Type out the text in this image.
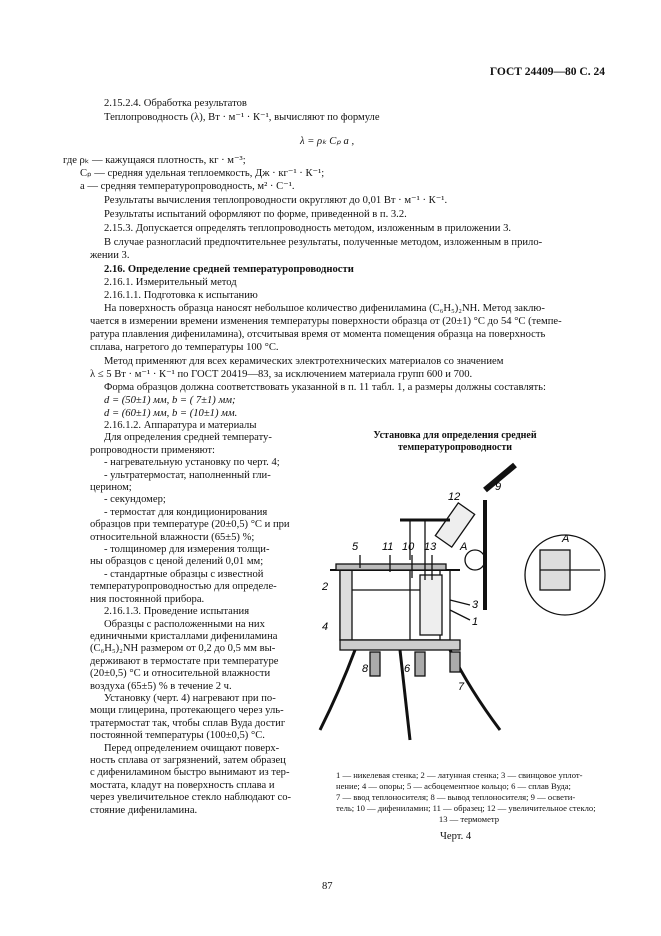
ГОСТ 24409—80 С. 24
2.15.2.4. Обработка результатов
Теплопроводность (λ), Вт · м⁻¹ · К⁻¹, вычисляют по формуле
λ = ρₖ Cₚ a ,
где ρₖ — кажущаяся плотность, кг · м⁻³;
Cₚ — средняя удельная теплоемкость, Дж · кг⁻¹ · К⁻¹;
a — средняя температуропроводность, м² · С⁻¹.
Результаты вычисления теплопроводности округляют до 0,01 Вт · м⁻¹ · К⁻¹.
Результаты испытаний оформляют по форме, приведенной в п. 3.2.
2.15.3. Допускается определять теплопроводность методом, изложенным в приложении 3.
В случае разногласий предпочтительнее результаты, полученные методом, изложенным в прило-
жении 3.
2.16. Определение средней температуропроводности
2.16.1. Измерительный метод
2.16.1.1. Подготовка к испытанию
На поверхность образца наносят небольшое количество дифениламина (C₆H₅)₂NH. Метод заклю-
чается в измерении времени изменения температуры поверхности образца от (20±1) °С до 54 °С (темпе-
ратура плавления дифениламина), отсчитывая время от момента помещения образца на поверхность
сплава, нагретого до температуры 100 °С.
Метод применяют для всех керамических электротехнических материалов со значением
λ ≤ 5 Вт · м⁻¹ · К⁻¹ по ГОСТ 20419—83, за исключением материала групп 600 и 700.
Форма образцов должна соответствовать указанной в п. 11 табл. 1, а размеры должны составлять:
d = (50±1) мм, b = ( 7±1) мм;
d = (60±1) мм, b = (10±1) мм.
2.16.1.2. Аппаратура и материалы
Для определения средней температу-
ропроводности применяют:
- нагревательную установку по черт. 4;
- ультратермостат, наполненный гли-
церином;
- секундомер;
- термостат для кондиционирования
образцов при температуре (20±0,5) °С и при
относительной влажности (65±5) %;
- толщиномер для измерения толщи-
ны образцов с ценой делений 0,01 мм;
- стандартные образцы с известной
температуропроводностью для определе-
ния постоянной прибора.
2.16.1.3. Проведение испытания
Образцы с расположенными на них
единичными кристаллами дифениламина
(C₆H₅)₂NH размером от 0,2 до 0,5 мм вы-
держивают в термостате при температуре
(20±0,5) °С и относительной влажности
воздуха (65±5) % в течение 2 ч.
Установку (черт. 4) нагревают при по-
мощи глицерина, протекающего через уль-
тратермостат так, чтобы сплав Вуда достиг
постоянной температуры (100±0,5) °С.
Перед определением очищают поверх-
ность сплава от загрязнений, затем образец
с дифениламином быстро вынимают из тер-
мостата, кладут на поверхность сплава и
через увеличительное стекло наблюдают со-
стояние дифениламина.
Установка для определения средней
температуропроводности
9
12
5 11 10 13 A
A
2
3
1
4
8	6
7
1 — никелевая стенка; 2 — латунная стенка; 3 — свинцовое уплот-
нение; 4 — опоры; 5 — асбоцементное кольцо; 6 — сплав Вуда;
7 — ввод теплоносителя; 8 — вывод теплоносителя; 9 — освети-
тель; 10 — дифениламин; 11 — образец; 12 — увеличительное стекло;
13 — термометр
Черт. 4
87
